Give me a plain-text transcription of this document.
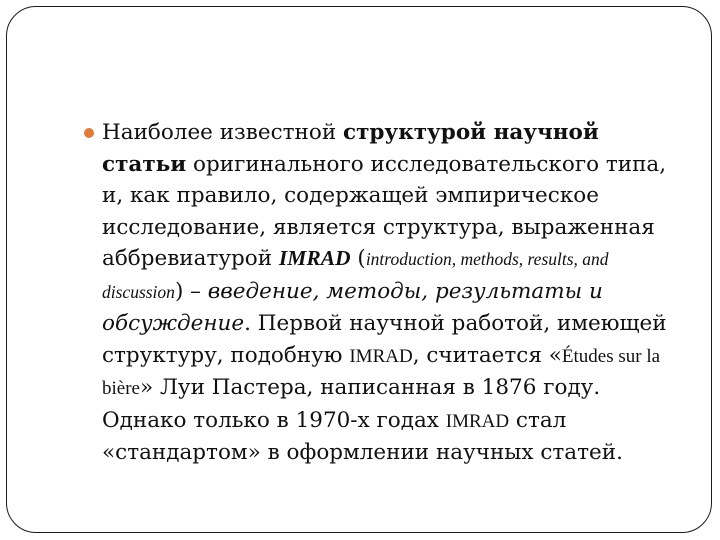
Наиболее известной структурой научной статьи оригинального исследовательского типа, и, как правило, содержащей эмпирическое исследование, является структура, выраженная аббревиатурой IMRAD (introduction, methods, results, and discussion) – введение, методы, результаты и обсуждение. Первой научной работой, имеющей структуру, подобную IMRAD, считается «Études sur la bière» Луи Пастера, написанная в 1876 году. Однако только в 1970-х годах IMRAD стал «стандартом» в оформлении научных статей.
